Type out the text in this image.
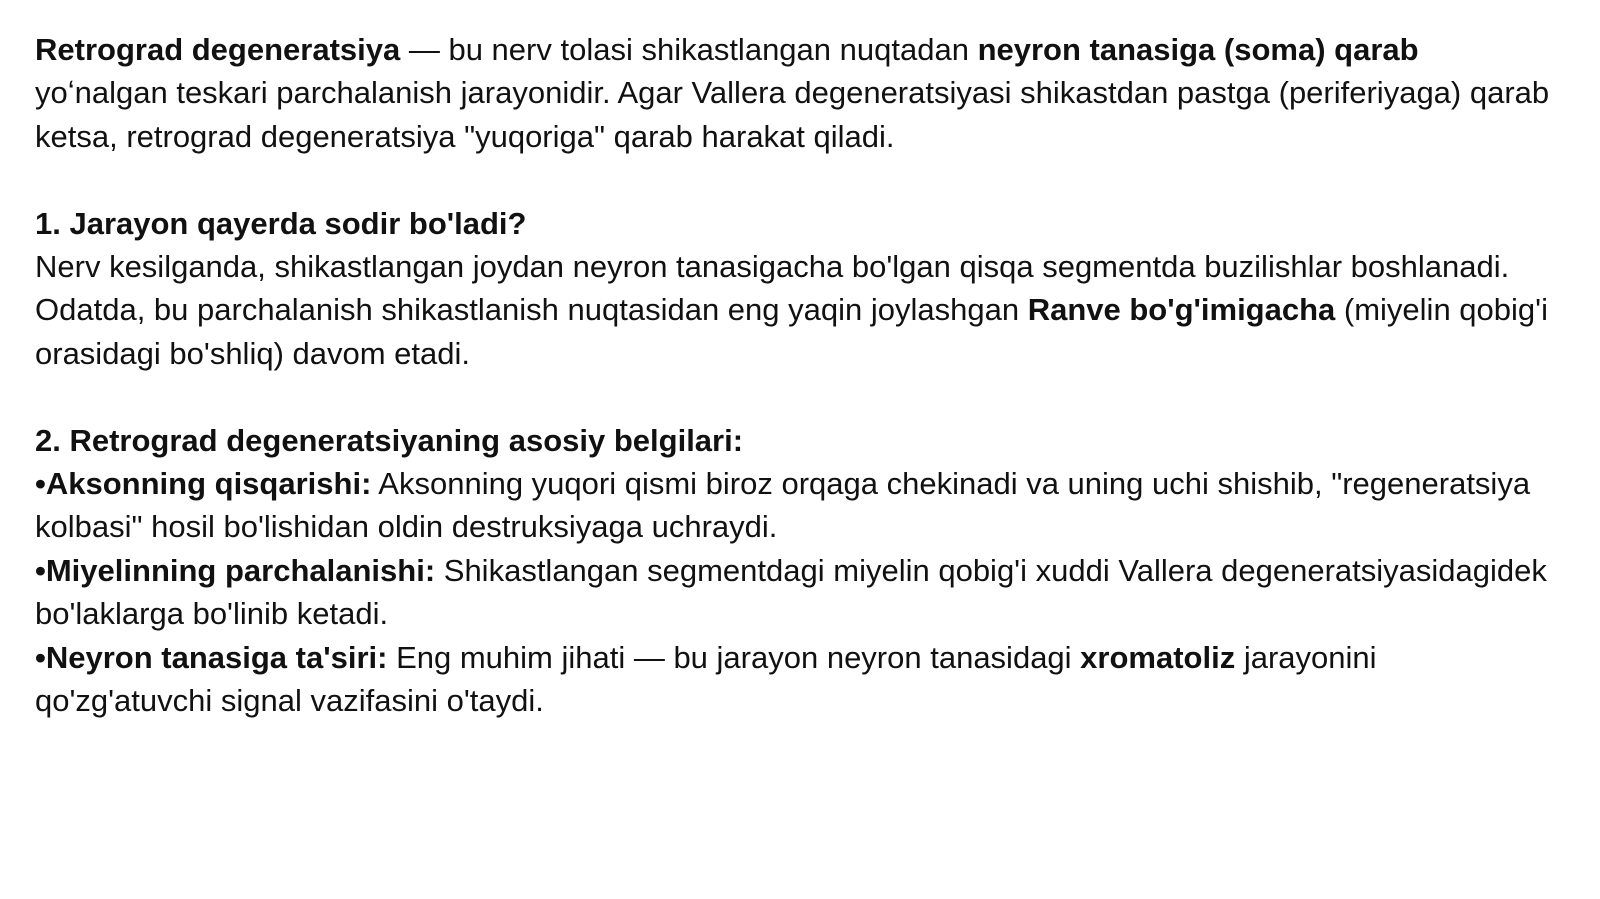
Retrograd degeneratsiya — bu nerv tolasi shikastlangan nuqtadan neyron tanasiga (soma) qarab yoʻnalgan teskari parchalanish jarayonidir. Agar Vallera degeneratsiyasi shikastdan pastga (periferiyaga) qarab ketsa, retrograd degeneratsiya "yuqoriga" qarab harakat qiladi.

1. Jarayon qayerda sodir bo'ladi?

Nerv kesilganda, shikastlangan joydan neyron tanasigacha bo'lgan qisqa segmentda buzilishlar boshlanadi. Odatda, bu parchalanish shikastlanish nuqtasidan eng yaqin joylashgan Ranve bo'g'imigacha (miyelin qobig'i orasidagi bo'shliq) davom etadi.

2. Retrograd degeneratsiyaning asosiy belgilari:

•Aksonning qisqarishi: Aksonning yuqori qismi biroz orqaga chekinadi va uning uchi shishib, "regeneratsiya kolbasi" hosil bo'lishidan oldin destruksiyaga uchraydi.

•Miyelinning parchalanishi: Shikastlangan segmentdagi miyelin qobig'i xuddi Vallera degeneratsiyasidagidek bo'laklarga bo'linib ketadi.

•Neyron tanasiga ta'siri: Eng muhim jihati — bu jarayon neyron tanasidagi xromatoliz jarayonini qo'zg'atuvchi signal vazifasini o'taydi.
